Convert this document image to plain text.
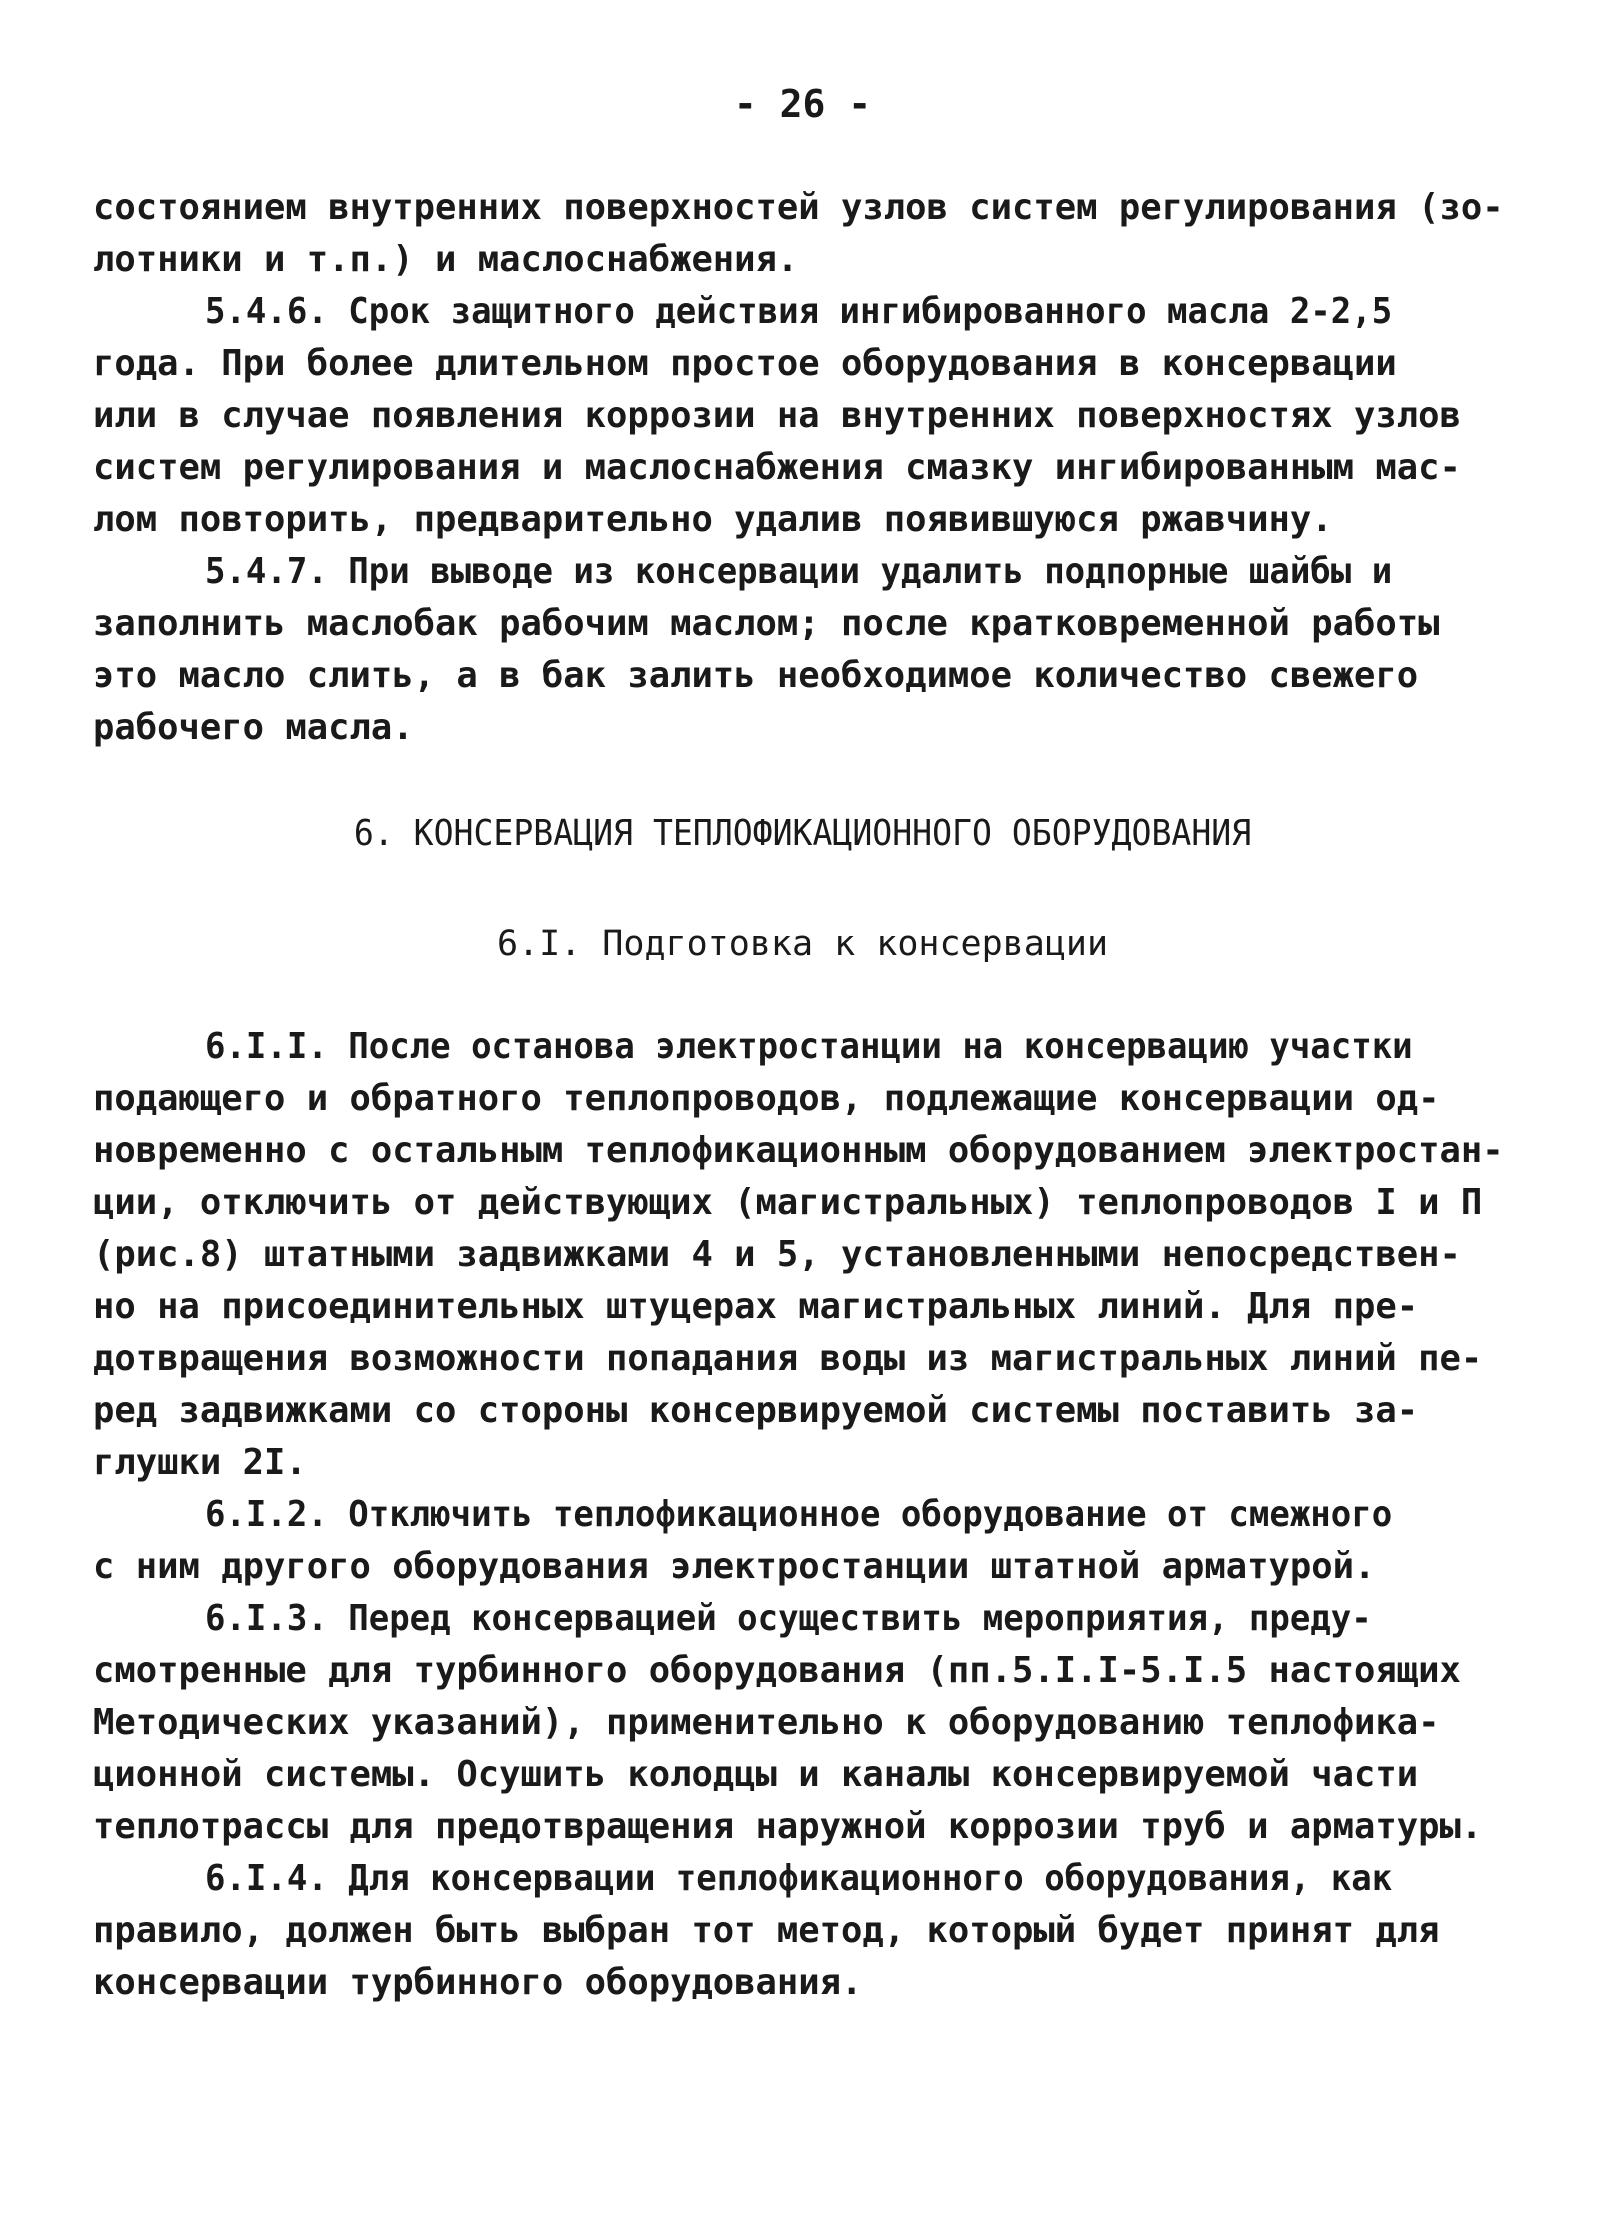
- 26 -
состоянием внутренних поверхностей узлов систем регулирования (зо-
лотники и т.п.) и маслоснабжения.
5.4.6. Срок защитного действия ингибированного масла 2-2,5
года. При более длительном простое оборудования в консервации
или в случае появления коррозии на внутренних поверхностях узлов
систем регулирования и маслоснабжения смазку ингибированным мас-
лом повторить, предварительно удалив появившуюся ржавчину.
5.4.7. При выводе из консервации удалить подпорные шайбы и
заполнить маслобак рабочим маслом; после кратковременной работы
это масло слить, а в бак залить необходимое количество свежего
рабочего масла.
6. КОНСЕРВАЦИЯ ТЕПЛОФИКАЦИОННОГО ОБОРУДОВАНИЯ
6.I. Подготовка к консервации
6.I.I. После останова электростанции на консервацию участки
подающего и обратного теплопроводов, подлежащие консервации од-
новременно с остальным теплофикационным оборудованием электростан-
ции, отключить от действующих (магистральных) теплопроводов I и П
(рис.8) штатными задвижками 4 и 5, установленными непосредствен-
но на присоединительных штуцерах магистральных линий. Для пре-
дотвращения возможности попадания воды из магистральных линий пе-
ред задвижками со стороны консервируемой системы поставить за-
глушки 2I.
6.I.2. Отключить теплофикационное оборудование от смежного
с ним другого оборудования электростанции штатной арматурой.
6.I.3. Перед консервацией осуществить мероприятия, преду-
смотренные для турбинного оборудования (пп.5.I.I-5.I.5 настоящих
Методических указаний), применительно к оборудованию теплофика-
ционной системы. Осушить колодцы и каналы консервируемой части
теплотрассы для предотвращения наружной коррозии труб и арматуры.
6.I.4. Для консервации теплофикационного оборудования, как
правило, должен быть выбран тот метод, который будет принят для
консервации турбинного оборудования.
